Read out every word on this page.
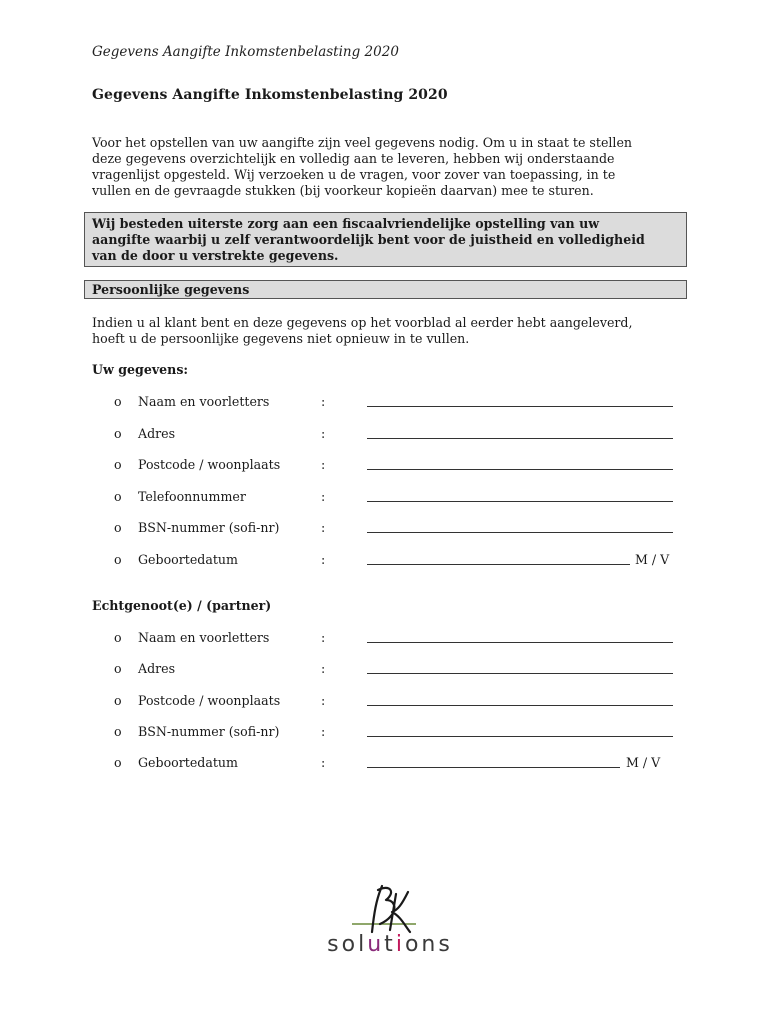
Gegevens Aangifte Inkomstenbelasting 2020
Gegevens Aangifte Inkomstenbelasting 2020

Voor het opstellen van uw aangifte zijn veel gegevens nodig. Om u in staat te stellen
deze gegevens overzichtelijk en volledig aan te leveren, hebben wij onderstaande
vragenlijst opgesteld. Wij verzoeken u de vragen, voor zover van toepassing, in te
vullen en de gevraagde stukken (bij voorkeur kopieën daarvan) mee te sturen.

Wij besteden uiterste zorg aan een fiscaalvriendelijke opstelling van uw
aangifte waarbij u zelf verantwoordelijk bent voor de juistheid en volledigheid
van de door u verstrekte gegevens.
Persoonlijke gegevens

Indien u al klant bent en deze gegevens op het voorblad al eerder hebt aangeleverd,
hoeft u de persoonlijke gegevens niet opnieuw in te vullen.

Uw gegevens:
o Naam en voorletters	:
o Adres	:
o Postcode / woonplaats	:
o Telefoonnummer	:
o BSN-nummer (sofi-nr)	:
o Geboortedatum	:	M / V
Echtgenoot(e) / (partner)
o Naam en voorletters	:
o Adres	:
o Postcode / woonplaats	:
o BSN-nummer (sofi-nr)	:
o Geboortedatum	:	M / V
solutions
